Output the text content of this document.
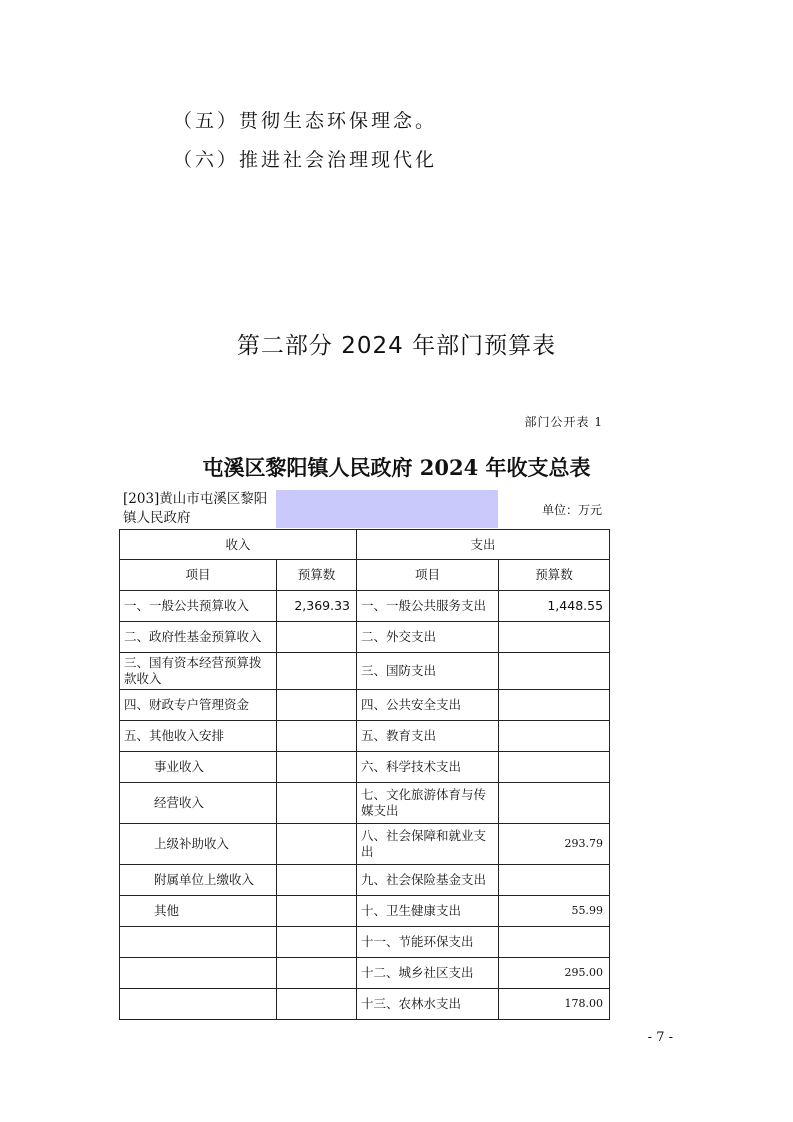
（五）贯彻生态环保理念。
（六）推进社会治理现代化
第二部分 2024 年部门预算表
部门公开表 1
屯溪区黎阳镇人民政府 2024 年收支总表
[203]黄山市屯溪区黎阳镇人民政府	单位：万元
收入		支出	
项目	预算数	项目	预算数
一、一般公共预算收入	2,369.33	一、一般公共服务支出	1,448.55
二、政府性基金预算收入		二、外交支出	
三、国有资本经营预算拨款收入		三、国防支出	
四、财政专户管理资金		四、公共安全支出	
五、其他收入安排		五、教育支出	
事业收入		六、科学技术支出	
经营收入		七、文化旅游体育与传媒支出	
上级补助收入		八、社会保障和就业支出	293.79
附属单位上缴收入		九、社会保险基金支出	
其他		十、卫生健康支出	55.99
		十一、节能环保支出	
		十二、城乡社区支出	295.00
		十三、农林水支出	178.00
- 7 -
